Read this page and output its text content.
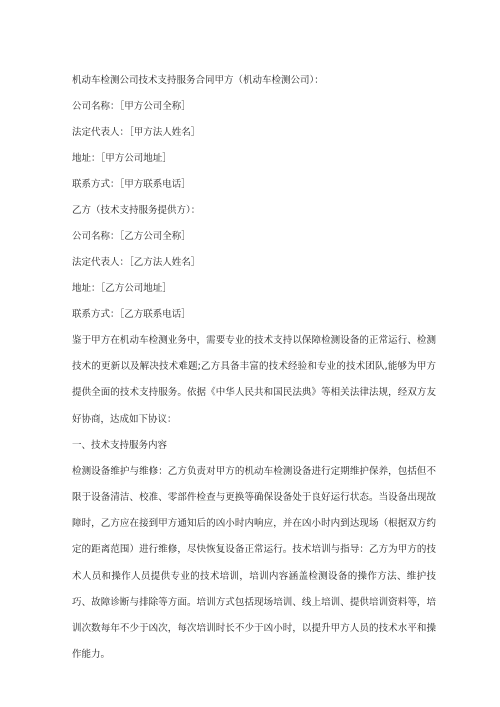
机动车检测公司技术支持服务合同甲方（机动车检测公司）：
公司名称：［甲方公司全称］
法定代表人：［甲方法人姓名］
地址：［甲方公司地址］
联系方式：［甲方联系电话］
乙方（技术支持服务提供方）：
公司名称：［乙方公司全称］
法定代表人：［乙方法人姓名］
地址：［乙方公司地址］
联系方式：［乙方联系电话］
鉴于甲方在机动车检测业务中，需要专业的技术支持以保障检测设备的正常运行、检测技术的更新以及解决技术难题;乙方具备丰富的技术经验和专业的技术团队,能够为甲方提供全面的技术支持服务。依据《中华人民共和国民法典》等相关法律法规，经双方友好协商，达成如下协议：
一、技术支持服务内容
检测设备维护与维修：乙方负责对甲方的机动车检测设备进行定期维护保养，包括但不限于设备清洁、校准、零部件检查与更换等确保设备处于良好运行状态。当设备出现故障时，乙方应在接到甲方通知后的凶小时内响应，并在凶小时内到达现场（根据双方约定的距离范围）进行维修，尽快恢复设备正常运行。技术培训与指导：乙方为甲方的技术人员和操作人员提供专业的技术培训，培训内容涵盖检测设备的操作方法、维护技巧、故障诊断与排除等方面。培训方式包括现场培训、线上培训、提供培训资料等，培训次数每年不少于凶次，每次培训时长不少于凶小时，以提升甲方人员的技术水平和操作能力。
